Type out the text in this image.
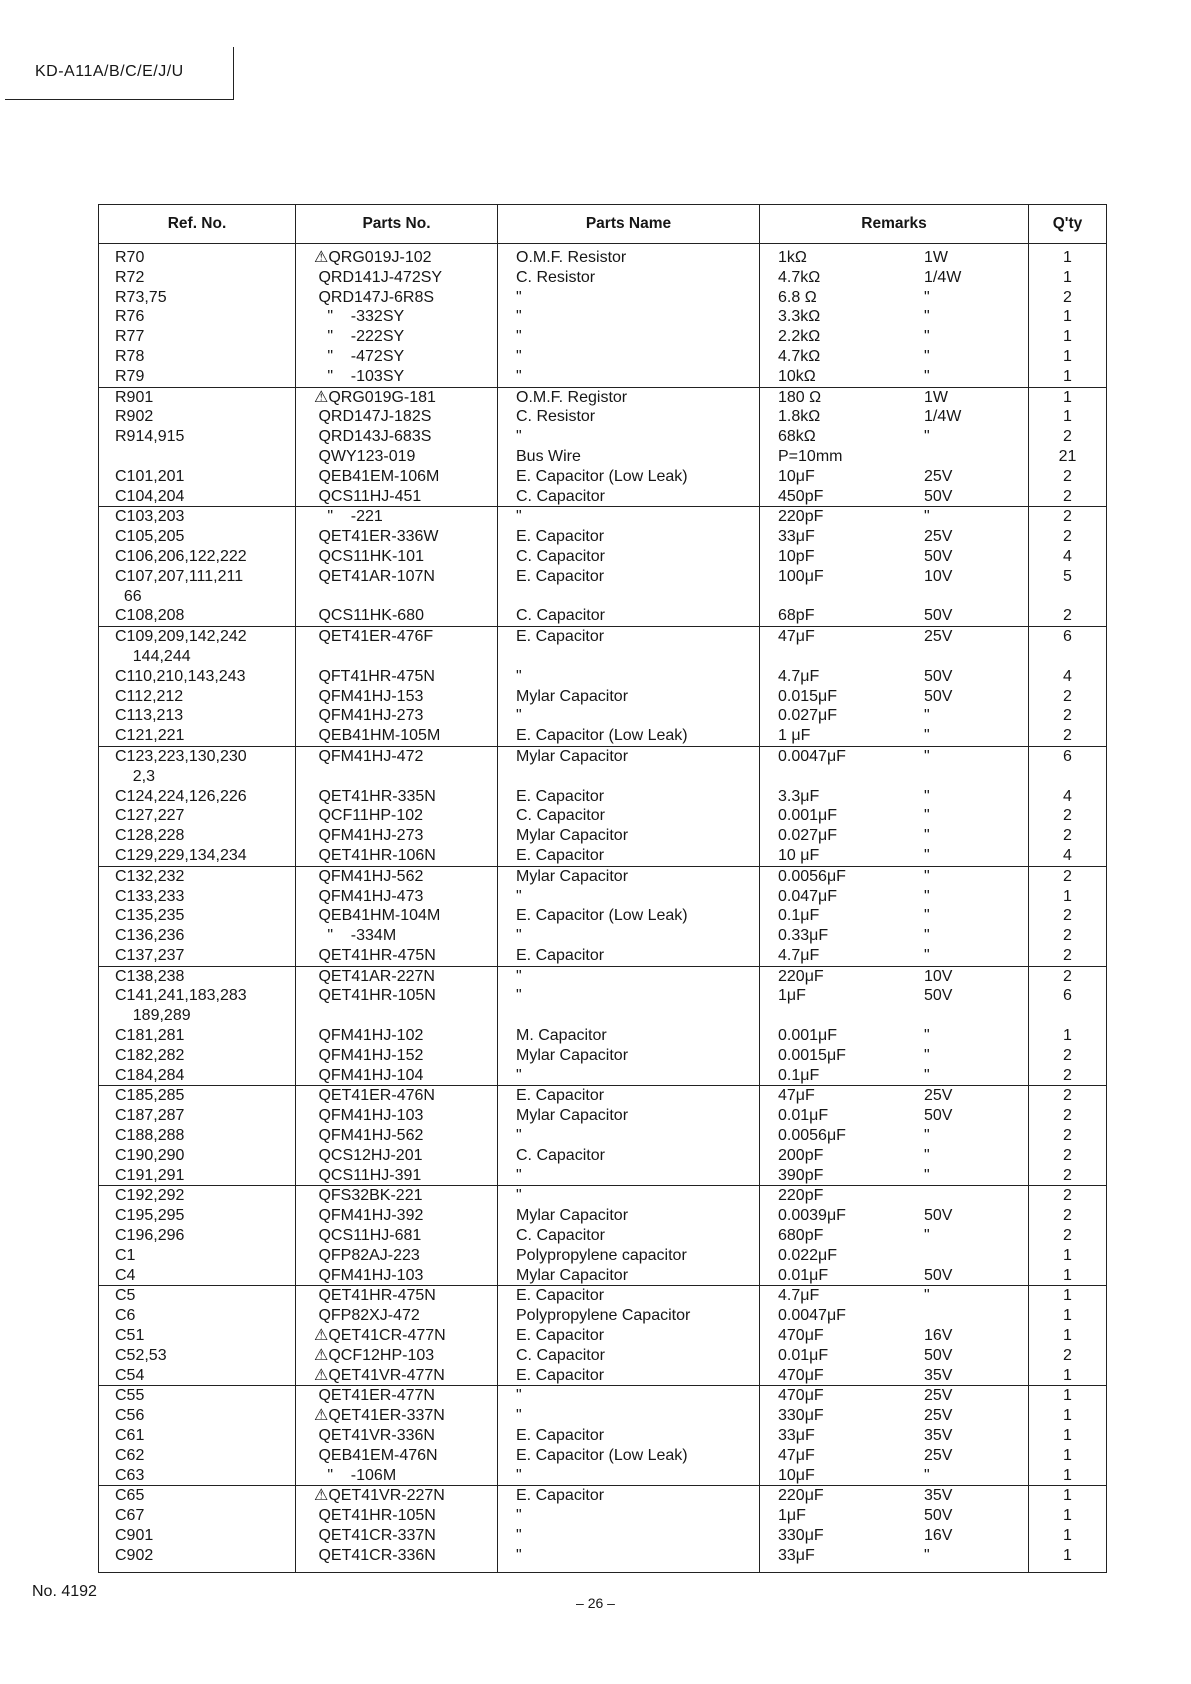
KD-A11A/B/C/E/J/U
Ref. No.	Parts No.	Parts Name	Remarks	Q'ty
R70	⚠QRG019J-102	O.M.F. Resistor	1kΩ 1W	1
R72	QRD141J-472SY	C. Resistor	4.7kΩ 1/4W	1
R73,75	QRD147J-6R8S	"	6.8 Ω "	2
R76	"    -332SY	"	3.3kΩ "	1
R77	"    -222SY	"	2.2kΩ "	1
R78	"    -472SY	"	4.7kΩ "	1
R79	"    -103SY	"	10kΩ "	1
R901	⚠QRG019G-181	O.M.F. Registor	180 Ω 1W	1
R902	QRD147J-182S	C. Resistor	1.8kΩ 1/4W	1
R914,915	QRD143J-683S	"	68kΩ "	2
	QWY123-019	Bus Wire	P=10mm	21
C101,201	QEB41EM-106M	E. Capacitor (Low Leak)	10μF 25V	2
C104,204	QCS11HJ-451	C. Capacitor	450pF 50V	2
C103,203	"    -221	"	220pF "	2
C105,205	QET41ER-336W	E. Capacitor	33μF 25V	2
C106,206,122,222	QCS11HK-101	C. Capacitor	10pF 50V	4
C107,207,111,211
66	QET41AR-107N	E. Capacitor	100μF 10V	5
C108,208	QCS11HK-680	C. Capacitor	68pF 50V	2
C109,209,142,242
144,244	QET41ER-476F	E. Capacitor	47μF 25V	6
C110,210,143,243	QFT41HR-475N	"	4.7μF 50V	4
C112,212	QFM41HJ-153	Mylar Capacitor	0.015μF 50V	2
C113,213	QFM41HJ-273	"	0.027μF "	2
C121,221	QEB41HM-105M	E. Capacitor (Low Leak)	1 μF "	2
C123,223,130,230
2,3	QFM41HJ-472	Mylar Capacitor	0.0047μF "	6
C124,224,126,226	QET41HR-335N	E. Capacitor	3.3μF "	4
C127,227	QCF11HP-102	C. Capacitor	0.001μF "	2
C128,228	QFM41HJ-273	Mylar Capacitor	0.027μF "	2
C129,229,134,234	QET41HR-106N	E. Capacitor	10 μF "	4
C132,232	QFM41HJ-562	Mylar Capacitor	0.0056μF "	2
C133,233	QFM41HJ-473	"	0.047μF "	1
C135,235	QEB41HM-104M	E. Capacitor (Low Leak)	0.1μF "	2
C136,236	"    -334M	"	0.33μF "	2
C137,237	QET41HR-475N	E. Capacitor	4.7μF "	2
C138,238	QET41AR-227N	"	220μF 10V	2
C141,241,183,283
189,289	QET41HR-105N	"	1μF 50V	6
C181,281	QFM41HJ-102	M. Capacitor	0.001μF "	1
C182,282	QFM41HJ-152	Mylar Capacitor	0.0015μF "	2
C184,284	QFM41HJ-104	"	0.1μF "	2
C185,285	QET41ER-476N	E. Capacitor	47μF 25V	2
C187,287	QFM41HJ-103	Mylar Capacitor	0.01μF 50V	2
C188,288	QFM41HJ-562	"	0.0056μF "	2
C190,290	QCS12HJ-201	C. Capacitor	200pF "	2
C191,291	QCS11HJ-391	"	390pF "	2
C192,292	QFS32BK-221	"	220pF	2
C195,295	QFM41HJ-392	Mylar Capacitor	0.0039μF 50V	2
C196,296	QCS11HJ-681	C. Capacitor	680pF "	2
C1	QFP82AJ-223	Polypropylene capacitor	0.022μF	1
C4	QFM41HJ-103	Mylar Capacitor	0.01μF 50V	1
C5	QET41HR-475N	E. Capacitor	4.7μF "	1
C6	QFP82XJ-472	Polypropylene Capacitor	0.0047μF	1
C51	⚠QET41CR-477N	E. Capacitor	470μF 16V	1
C52,53	⚠QCF12HP-103	C. Capacitor	0.01μF 50V	2
C54	⚠QET41VR-477N	E. Capacitor	470μF 35V	1
C55	QET41ER-477N	"	470μF 25V	1
C56	⚠QET41ER-337N	"	330μF 25V	1
C61	QET41VR-336N	E. Capacitor	33μF 35V	1
C62	QEB41EM-476N	E. Capacitor (Low Leak)	47μF 25V	1
C63	"    -106M	"	10μF "	1
C65	⚠QET41VR-227N	E. Capacitor	220μF 35V	1
C67	QET41HR-105N	"	1μF 50V	1
C901	QET41CR-337N	"	330μF 16V	1
C902	QET41CR-336N	"	33μF "	1
No. 4192
– 26 –
